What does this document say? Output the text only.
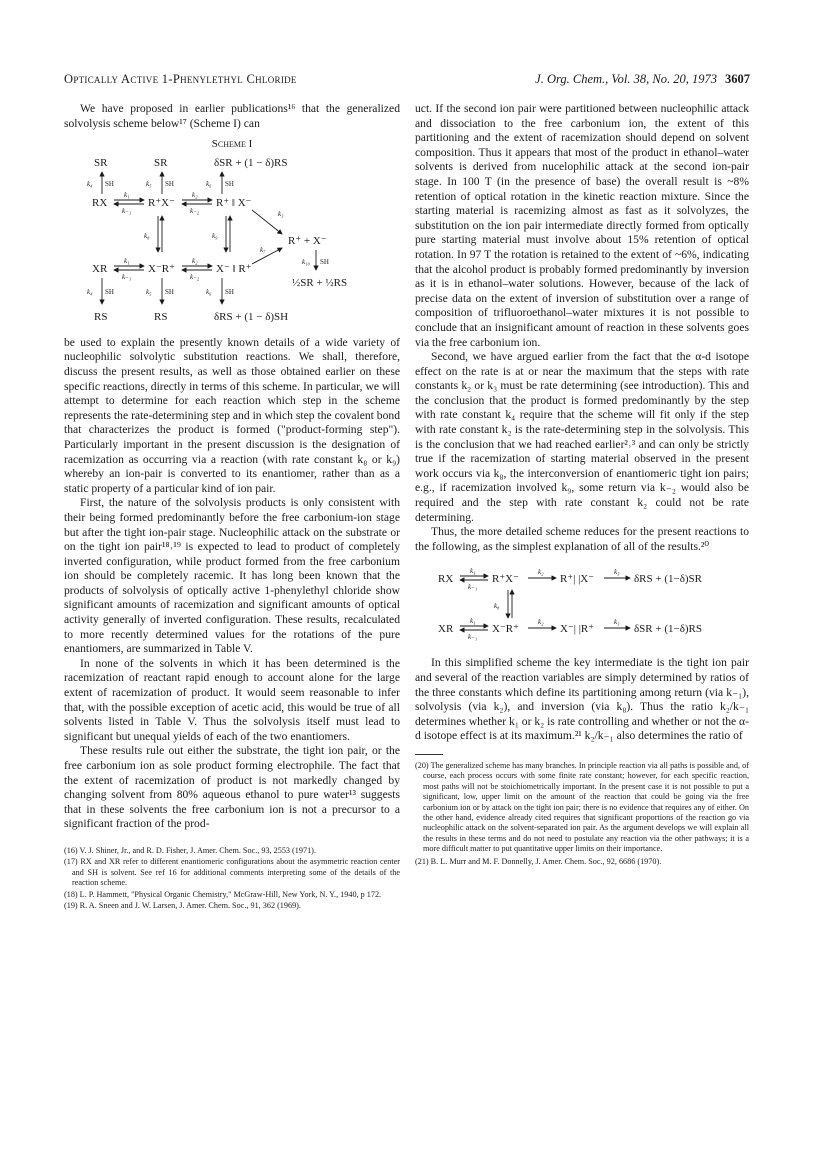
Optically Active 1-Phenylethyl Chloride	J. Org. Chem., Vol. 38, No. 20, 1973 3607

We have proposed in earlier publications¹⁶ that the generalized solvolysis scheme below¹⁷ (Scheme I) can

Scheme I
SR	SR	δSR + (1 − δ)RS
k₄ SH	k₅ SH	k₆ SH
RX
k₁
k₋₁
R⁺X⁻
k₂
k₋₂
R⁺ ‖ X⁻
k₃
R⁺ + X⁻
k₈	k₉
k₇
k₁₀ SH
XR
k₁
k₋₁
X⁻R⁺
k₂
k₋₂
X⁻ ‖ R⁺
½SR + ½RS
k₄ SH	k₅ SH	k₆ SH
RS	RS	δRS + (1 − δ)SH

be used to explain the presently known details of a wide variety of nucleophilic solvolytic substitution reactions. We shall, therefore, discuss the present results, as well as those obtained earlier on these specific reactions, directly in terms of this scheme. In particular, we will attempt to determine for each reaction which step in the scheme represents the rate-determining step and in which step the covalent bond that characterizes the product is formed ("product-forming step"). Particularly important in the present discussion is the designation of racemization as occurring via a reaction (with rate constant k₈ or k₉) whereby an ion-pair is converted to its enantiomer, rather than as a static property of a particular kind of ion pair.

First, the nature of the solvolysis products is only consistent with their being formed predominantly before the free carbonium-ion stage but after the tight ion-pair stage. Nucleophilic attack on the substrate or on the tight ion pair¹⁸˒¹⁹ is expected to lead to product of completely inverted configuration, while product formed from the free carbonium ion should be completely racemic. It has long been known that the products of solvolysis of optically active 1-phenylethyl chloride show significant amounts of racemization and significant amounts of optical activity generally of inverted configuration. These results, recalculated to more recently determined values for the rotations of the pure enantiomers, are summarized in Table V.

In none of the solvents in which it has been determined is the racemization of reactant rapid enough to account alone for the large extent of racemization of product. It would seem reasonable to infer that, with the possible exception of acetic acid, this would be true of all solvents listed in Table V. Thus the solvolysis itself must lead to significant but unequal yields of each of the two enantiomers.

These results rule out either the substrate, the tight ion pair, or the free carbonium ion as sole product forming electrophile. The fact that the extent of racemization of product is not markedly changed by changing solvent from 80% aqueous ethanol to pure water¹³ suggests that in these solvents the free carbonium ion is not a precursor to a significant fraction of the prod-

(16) V. J. Shiner, Jr., and R. D. Fisher, J. Amer. Chem. Soc., 93, 2553 (1971).

(17) RX and XR refer to different enantiomeric configurations about the asymmetric reaction center and SH is solvent. See ref 16 for additional comments interpreting some of the details of the reaction scheme.

(18) L. P. Hammett, "Physical Organic Chemistry," McGraw-Hill, New York, N. Y., 1940, p 172.

(19) R. A. Sneen and J. W. Larsen, J. Amer. Chem. Soc., 91, 362 (1969).

uct. If the second ion pair were partitioned between nucleophilic attack and dissociation to the free carbonium ion, the extent of this partitioning and the extent of racemization should depend on solvent composition. Thus it appears that most of the product in ethanol–water solvents is derived from nucelophilic attack at the second ion-pair stage. In 100 T (in the presence of base) the overall result is ~8% retention of optical rotation in the kinetic reaction mixture. Since the starting material is racemizing almost as fast as it solvolyzes, the substitution on the ion pair intermediate directly formed from optically pure starting material must involve about 15% retention of optical rotation. In 97 T the rotation is retained to the extent of ~6%, indicating that the alcohol product is probably formed predominantly by inversion as it is in ethanol–water solutions. However, because of the lack of precise data on the extent of inversion of substitution over a range of composition of trifluoroethanol–water mixtures it is not possible to conclude that an insignificant amount of reaction in these solvents goes via the free carbonium ion.

Second, we have argued earlier from the fact that the α-d isotope effect on the rate is at or near the maximum that the steps with rate constants k₂ or k₃ must be rate determining (see introduction). This and the conclusion that the product is formed predominantly by the step with rate constant k₄ require that the scheme will fit only if the step with rate constant k₂ is the rate-determining step in the solvolysis. This is the conclusion that we had reached earlier²˒³ and can only be strictly true if the racemization of starting material observed in the present work occurs via k₈, the interconversion of enantiomeric tight ion pairs; e.g., if racemization involved k₉, some return via k₋₂ would also be required and the step with rate constant k₂ could not be rate determining.

Thus, the more detailed scheme reduces for the present reactions to the following, as the simplest explanation of all of the results.²⁰

RX
k₁
k₋₁
R⁺X⁻
k₂
R⁺| |X⁻
k₃
δRS + (1−δ)SR
k₈
XR
k₁
k₋₁
X⁻R⁺
k₂
X⁻| |R⁺
k₃
δSR + (1−δ)RS

In this simplified scheme the key intermediate is the tight ion pair and several of the reaction variables are simply determined by ratios of the three constants which define its partitioning among return (via k₋₁), solvolysis (via k₂), and inversion (via k₈). Thus the ratio k₂/k₋₁ determines whether k₁ or k₂ is rate controlling and whether or not the α-d isotope effect is at its maximum.²¹ k₂/k₋₁ also determines the ratio of

(20) The generalized scheme has many branches. In principle reaction via all paths is possible and, of course, each process occurs with some finite rate constant; however, for each specific reaction, most paths will not be stoichiometrically important. In the present case it is not possible to put a significant, low, upper limit on the amount of the reaction that could be going via the free carbonium ion or by attack on the tight ion pair; there is no evidence that requires any of either. On the other hand, evidence already cited requires that significant proportions of the reaction go via nucleophilic attack on the solvent-separated ion pair. As the argument develops we will explain all the results in these terms and do not need to postulate any reaction via the other pathways; it is a more difficult matter to put quantitative upper limits on their importance.

(21) B. L. Murr and M. F. Donnelly, J. Amer. Chem. Soc., 92, 6686 (1970).
